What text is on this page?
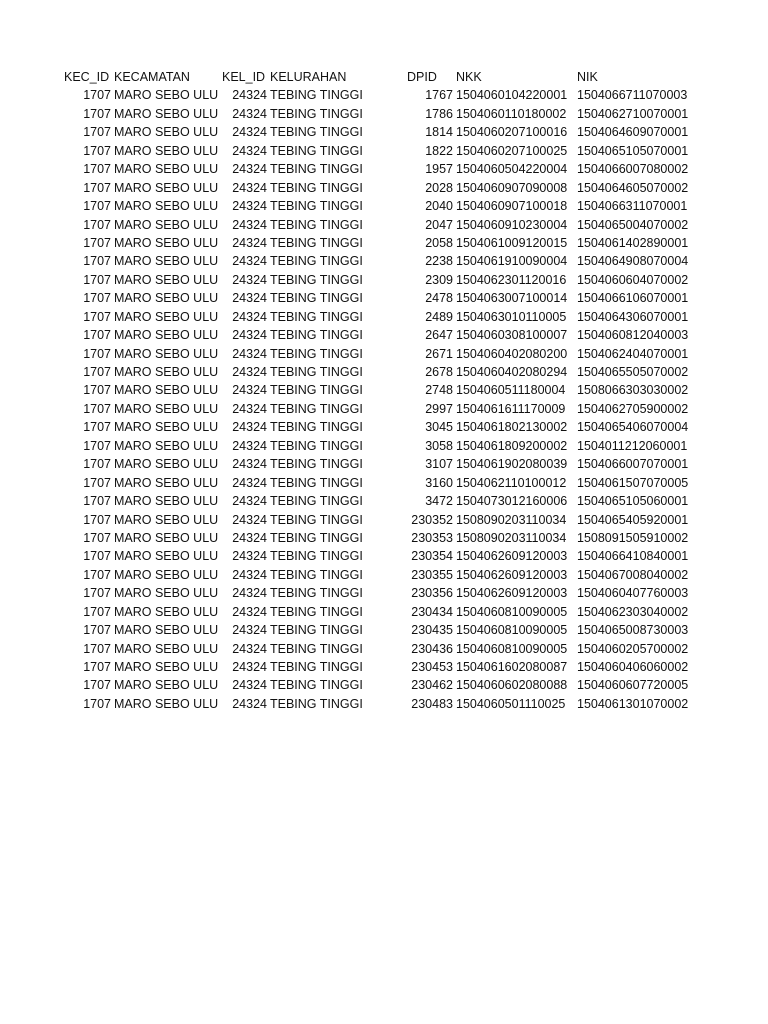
KEC_ID KECAMATAN	KEL_ID KELURAHAN	DPID NKK	NIK
1707 MARO SEBO ULU	24324 TEBING TINGGI	1767 1504060104220001 1504066711070003
1707 MARO SEBO ULU	24324 TEBING TINGGI	1786 1504060110180002 1504062710070001
1707 MARO SEBO ULU	24324 TEBING TINGGI	1814 1504060207100016 1504064609070001
1707 MARO SEBO ULU	24324 TEBING TINGGI	1822 1504060207100025 1504065105070001
1707 MARO SEBO ULU	24324 TEBING TINGGI	1957 1504060504220004 1504066007080002
1707 MARO SEBO ULU	24324 TEBING TINGGI	2028 1504060907090008 1504064605070002
1707 MARO SEBO ULU	24324 TEBING TINGGI	2040 1504060907100018 1504066311070001
1707 MARO SEBO ULU	24324 TEBING TINGGI	2047 1504060910230004 1504065004070002
1707 MARO SEBO ULU	24324 TEBING TINGGI	2058 1504061009120015 1504061402890001
1707 MARO SEBO ULU	24324 TEBING TINGGI	2238 1504061910090004 1504064908070004
1707 MARO SEBO ULU	24324 TEBING TINGGI	2309 1504062301120016 1504060604070002
1707 MARO SEBO ULU	24324 TEBING TINGGI	2478 1504063007100014 1504066106070001
1707 MARO SEBO ULU	24324 TEBING TINGGI	2489 1504063010110005 1504064306070001
1707 MARO SEBO ULU	24324 TEBING TINGGI	2647 1504060308100007 1504060812040003
1707 MARO SEBO ULU	24324 TEBING TINGGI	2671 1504060402080200 1504062404070001
1707 MARO SEBO ULU	24324 TEBING TINGGI	2678 1504060402080294 1504065505070002
1707 MARO SEBO ULU	24324 TEBING TINGGI	2748 1504060511180004 1508066303030002
1707 MARO SEBO ULU	24324 TEBING TINGGI	2997 1504061611170009 1504062705900002
1707 MARO SEBO ULU	24324 TEBING TINGGI	3045 1504061802130002 1504065406070004
1707 MARO SEBO ULU	24324 TEBING TINGGI	3058 1504061809200002 1504011212060001
1707 MARO SEBO ULU	24324 TEBING TINGGI	3107 1504061902080039 1504066007070001
1707 MARO SEBO ULU	24324 TEBING TINGGI	3160 1504062110100012 1504061507070005
1707 MARO SEBO ULU	24324 TEBING TINGGI	3472 1504073012160006 1504065105060001
1707 MARO SEBO ULU	24324 TEBING TINGGI	230352 1508090203110034 1504065405920001
1707 MARO SEBO ULU	24324 TEBING TINGGI	230353 1508090203110034 1508091505910002
1707 MARO SEBO ULU	24324 TEBING TINGGI	230354 1504062609120003 1504066410840001
1707 MARO SEBO ULU	24324 TEBING TINGGI	230355 1504062609120003 1504067008040002
1707 MARO SEBO ULU	24324 TEBING TINGGI	230356 1504062609120003 1504060407760003
1707 MARO SEBO ULU	24324 TEBING TINGGI	230434 1504060810090005 1504062303040002
1707 MARO SEBO ULU	24324 TEBING TINGGI	230435 1504060810090005 1504065008730003
1707 MARO SEBO ULU	24324 TEBING TINGGI	230436 1504060810090005 1504060205700002
1707 MARO SEBO ULU	24324 TEBING TINGGI	230453 1504061602080087 1504060406060002
1707 MARO SEBO ULU	24324 TEBING TINGGI	230462 1504060602080088 1504060607720005
1707 MARO SEBO ULU	24324 TEBING TINGGI	230483 1504060501110025 1504061301070002
